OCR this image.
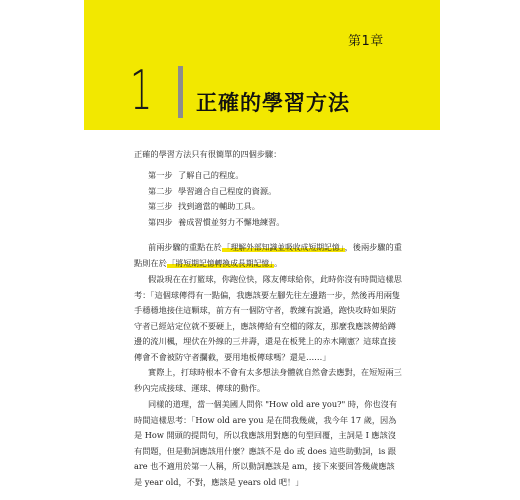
第1章
1 正確的學習方法
正確的學習方法只有很簡單的四個步驟：
第一步 了解自己的程度。
第二步 學習適合自己程度的資源。
第三步 找到適當的輔助工具。
第四步 養成習慣並努力不懈地練習。
前兩步驟的重點在於「理解外部知識並吸收成短期記憶」，後兩步驟的重點則在於「將短期記憶轉換成長期記憶」。
假設現在在打籃球，你跑位快，隊友傳球給你，此時你沒有時間這樣思考：「這個球傳得有一點偏，我應該要左腳先往左邊踏一步，然後再用兩隻手穩穩地接住這顆球，前方有一個防守者，教練有說過，跑快攻時如果防守者已經站定位就不要硬上，應該傳給有空檔的隊友，那麼我應該傳給蹲邊的流川楓，埋伏在外線的三井壽，還是在板凳上的赤木剛憲？這球直接傳會不會被防守者攔截，要用地板傳球嗎？還是……」
實際上，打球時根本不會有太多想法身體就自然會去應對，在短短兩三秒內完成接球、運球、傳球的動作。
同樣的道理，當一個美國人問你 "How old are you?" 時，你也沒有時間這樣思考：「How old are you 是在問我幾歲，我今年 17 歲，因為是 How 開頭的提問句，所以我應該用對應的句型回覆，主詞是 I 應該沒有問題，但是動詞應該用什麼？應該不是 do 或 does 這些助動詞，is 跟 are 也不適用於第一人稱，所以動詞應該是 am，接下來要回答幾歲應該是 year old，不對，應該是 years old 吧！」
